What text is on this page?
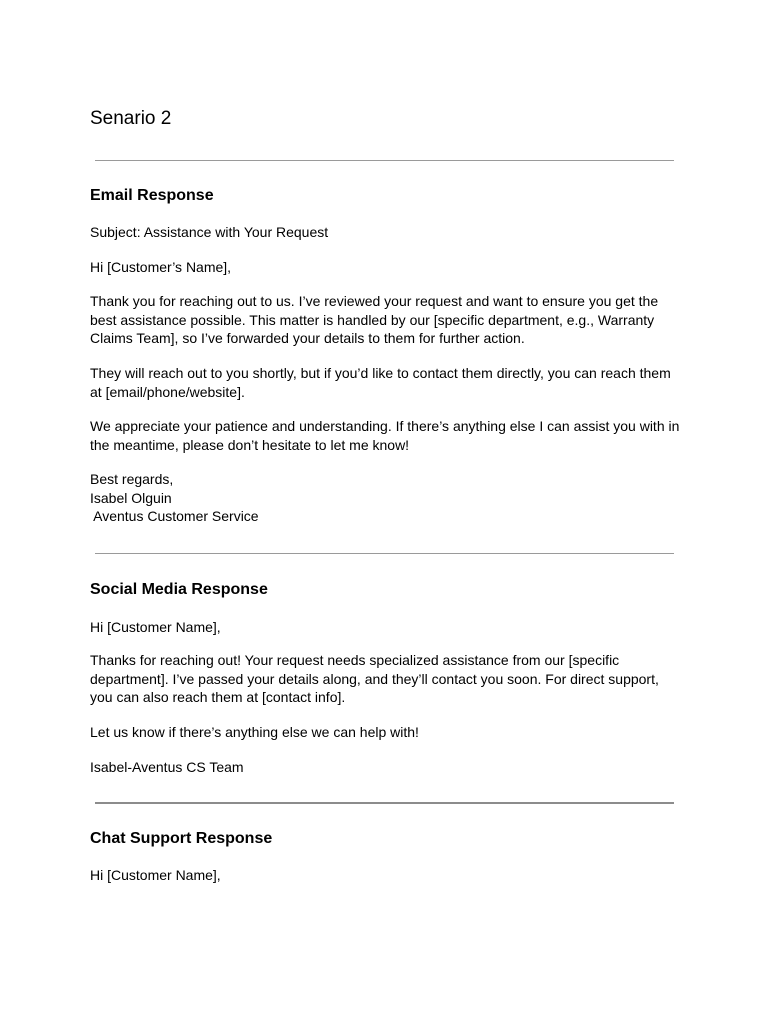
Senario 2
Email Response

Subject: Assistance with Your Request

Hi [Customer’s Name],

Thank you for reaching out to us. I’ve reviewed your request and want to ensure you get the best assistance possible. This matter is handled by our [specific department, e.g., Warranty Claims Team], so I’ve forwarded your details to them for further action.

They will reach out to you shortly, but if you’d like to contact them directly, you can reach them at [email/phone/website].

We appreciate your patience and understanding. If there’s anything else I can assist you with in the meantime, please don’t hesitate to let me know!

Best regards,
Isabel Olguin
Aventus Customer Service
Social Media Response

Hi [Customer Name],

Thanks for reaching out! Your request needs specialized assistance from our [specific department]. I’ve passed your details along, and they’ll contact you soon. For direct support, you can also reach them at [contact info].

Let us know if there’s anything else we can help with!

Isabel-Aventus CS Team

Chat Support Response

Hi [Customer Name],
